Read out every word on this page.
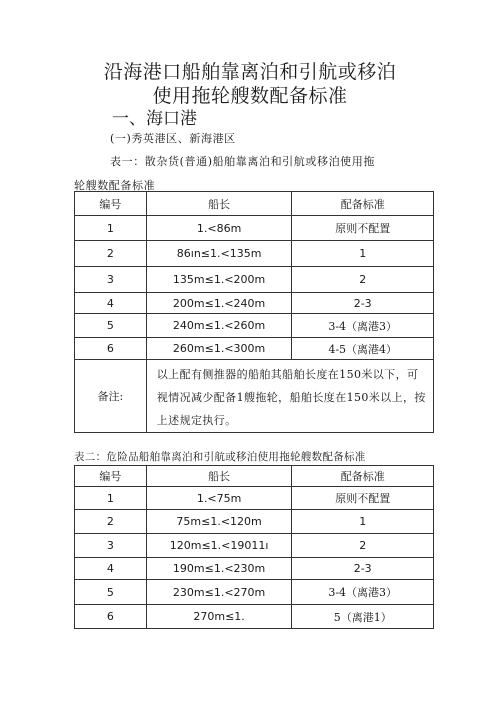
沿海港口船舶靠离泊和引航或移泊
使用拖轮艘数配备标准
一、海口港
(一)秀英港区、新海港区
表一：散杂货(普通)船舶靠离泊和引航或移泊使用拖
轮艘数配备标准
编号	船长	配备标准
1	1.<86m	原则不配置
2	86ın≤1.<135m	1
3	135m≤1.<200m	2
4	200m≤1.<240m	2-3
5	240m≤1.<260m	3-4（离港3）
6	260m≤1.<300m	4-5（离港4）
备注:	以上配有侧推器的船舶其船舶长度在150米以下，可视情况减少配备1艘拖轮，船舶长度在150米以上，按上述规定执行。	
表二：危险品船舶靠离泊和引航或移泊使用拖轮艘数配备标准
编号	船长	配备标准
1	1.<75m	原则不配置
2	75m≤1.<120m	1
3	120m≤1.<19011ı	2
4	190m≤1.<230m	2-3
5	230m≤1.<270m	3-4（离港3）
6	270m≤1.	5（离港1）
